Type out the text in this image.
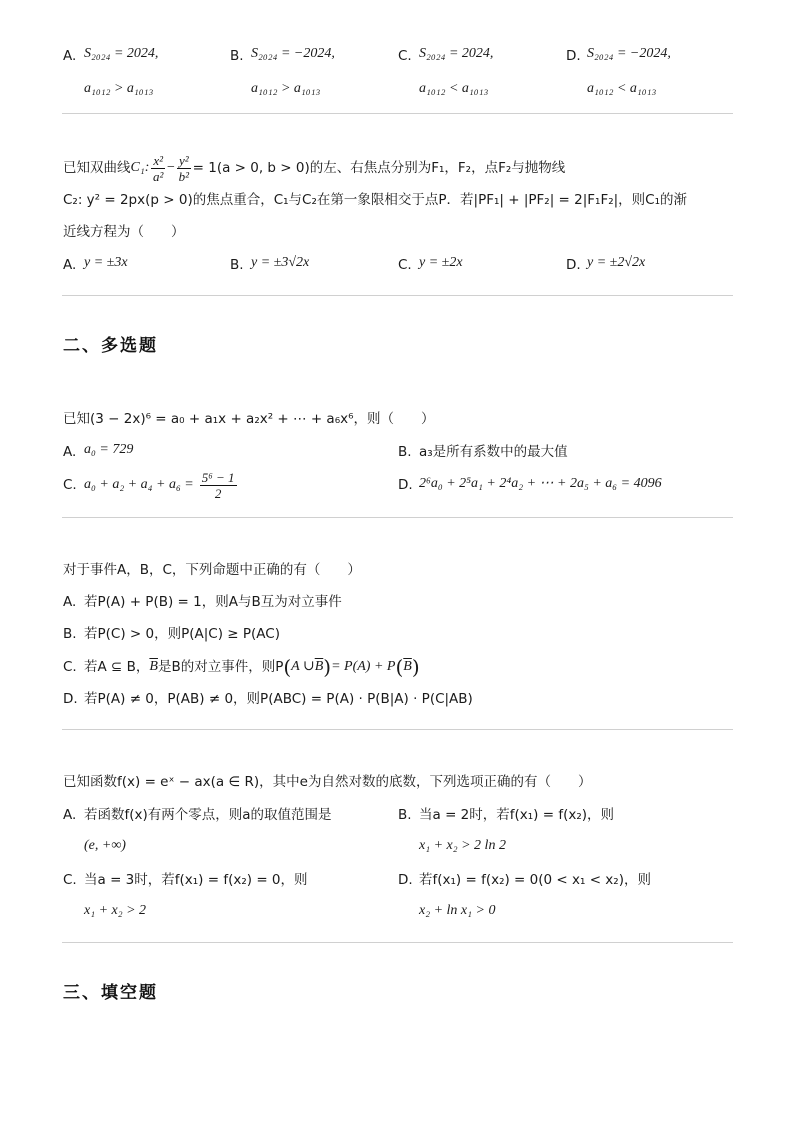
A. S₂₀₂₄ = 2024,
a₁₀₁₂ > a₁₀₁₃
B. S₂₀₂₄ = −2024,
a₁₀₁₂ > a₁₀₁₃
C. S₂₀₂₄ = 2024,
a₁₀₁₂ < a₁₀₁₃
D. S₂₀₂₄ = −2024,
a₁₀₁₂ < a₁₀₁₃
已知双曲线 C₁: $\frac{\text{x²}}{\text{a²}} - \frac{\text{y²}}{\text{b²}} = 1(a > 0$, b > 0)的左、右焦点分别为F₁，F₂，点F₂与抛物线
C₂: y² = 2px(p > 0)的焦点重合，C₁与C₂在第一象限相交于点P．若|PF₁| + |PF₂| = 2|F₁F₂|，则C₁的渐
近线方程为（　　）
A. y = ±3x	B. y = ±3√2x	C. y = ±2x	D. y = ±2√2x
二、多选题
已知(3 − 2x)⁶ = a₀ + a₁x + a₂x² + ⋯ + a₆x⁶，则（　　）
A. a₀ = 729	B. a₃是所有系数中的最大值
C. $a_0 + a_2 + a_4 + a_6 = \frac{\text{5⁶ − 1}}{2}$	D. 2⁶a₀ + 2⁵a₁ + 2⁴a₂ + ⋯ + 2a₅ + a₆ = 4096
对于事件A，B，C，下列命题中正确的有（　　）
A. 若P(A) + P(B) = 1，则A与B互为对立事件
B. 若P(C) > 0，则P(A|C) ≥ P(AC)
C. 若A ⊆ B， $\overline{B}$ 是B的对立事件，则P ( A ∪ $\overline{B}$ ) = P(A) + P ( $\overline{B}$ )
D. 若P(A) ≠ 0，P(AB) ≠ 0，则P(ABC) = P(A) · P(B|A) · P(C|AB)
已知函数f(x) = eˣ − ax(a ∈ R)，其中e为自然对数的底数，下列选项正确的有（　　）
A. 若函数f(x)有两个零点，则a的取值范围是
(e, +∞)
B. 当a = 2时，若f(x₁) = f(x₂)，则
x₁ + x₂ > 2 ln 2
C. 当a = 3时，若f(x₁) = f(x₂) = 0，则
x₁ + x₂ > 2
D. 若f(x₁) = f(x₂) = 0(0 < x₁ < x₂)，则
x₂ + ln x₁ > 0
三、填空题
